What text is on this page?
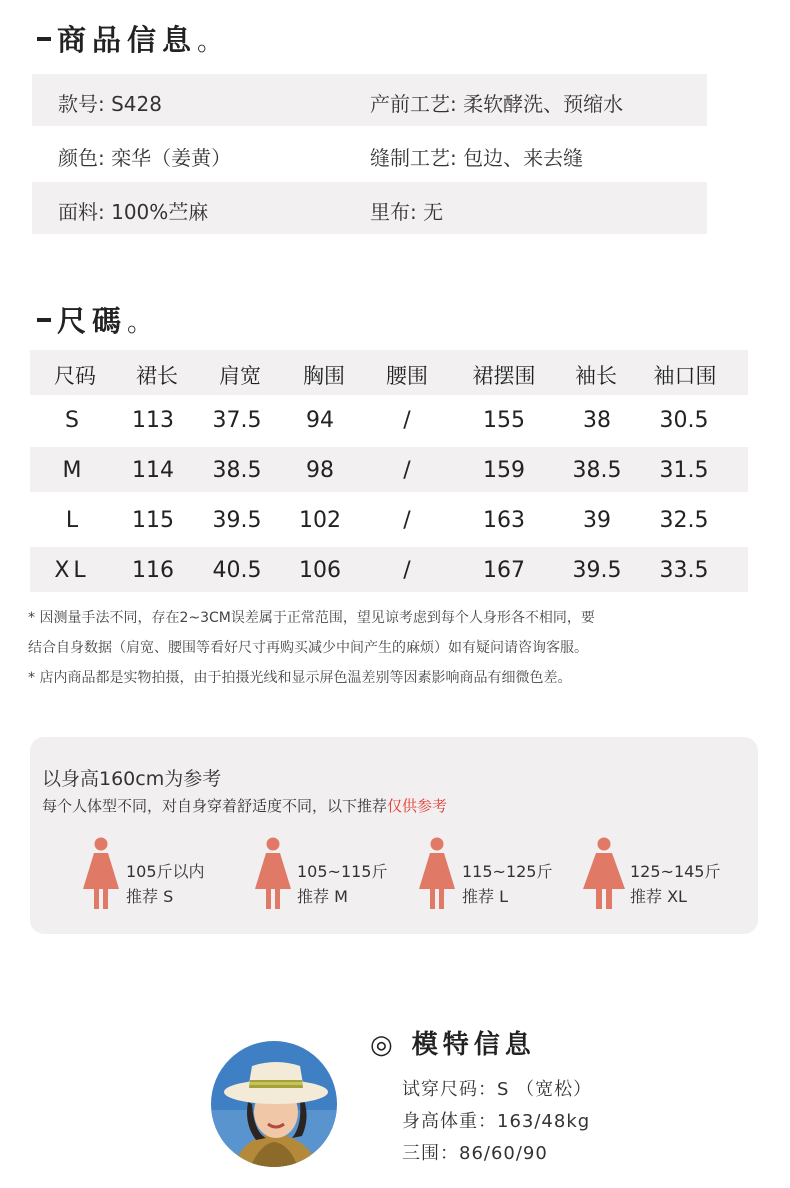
商品信息。
款号: S428	产前工艺: 柔软酵洗、预缩水
颜色: 栾华（姜黄）	缝制工艺: 包边、来去缝
面料: 100%苎麻	里布: 无
尺碼。
尺码 裙长 肩宽 胸围 腰围 裙摆围 袖长 袖口围
S 113 37.5 94	/	155	38 30.5
M 114 38.5 98	/	159 38.5 31.5
L 115 39.5 102	/	163	39 32.5
XL 116 40.5 106	/	167 39.5 33.5
* 因测量手法不同，存在2~3CM误差属于正常范围，望见谅考虑到每个人身形各不相同，要
结合自身数据（肩宽、腰围等看好尺寸再购买减少中间产生的麻烦）如有疑问请咨询客服。
* 店内商品都是实物拍摄，由于拍摄光线和显示屏色温差别等因素影响商品有细微色差。
以身高160cm为参考
每个人体型不同，对自身穿着舒适度不同，以下推荐仅供参考
105斤以内
推荐 S
105~115斤
推荐 M
115~125斤
推荐 L
125~145斤
推荐 XL
◎ 模特信息
试穿尺码：S （宽松）
身高体重：163/48kg
三围：86/60/90
